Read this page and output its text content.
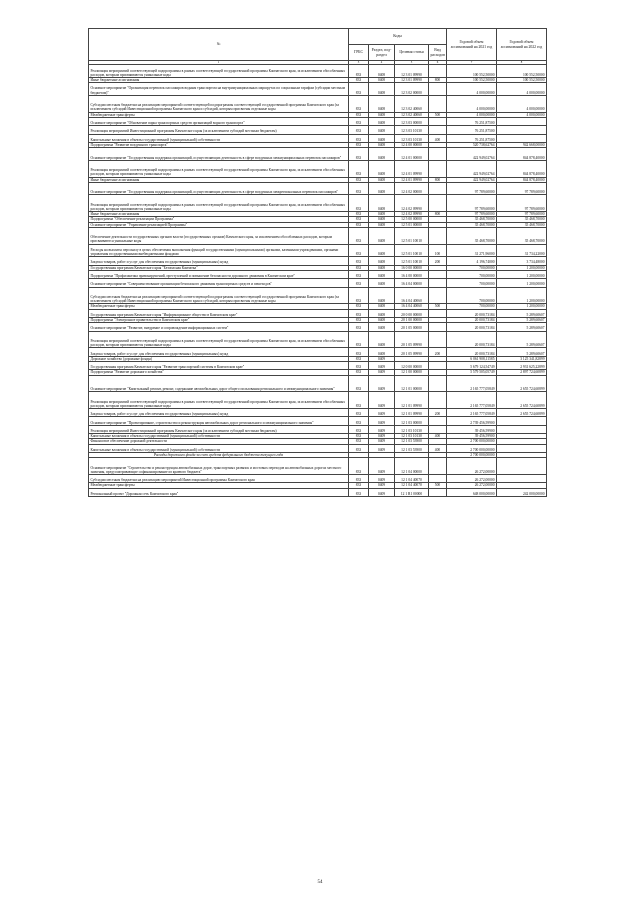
№	Коды				Годовой объем ассигнований на 2021 год	Годовой объем ассигнований на 2022 год
	ГРБС	Раздел, под-раздел	Целевая статья	Вид расходов		
1	3	4	5	6	7	8
Реализация мероприятий соответствующей подпрограммы в рамках соответствующей государственной программы Камчатского края, за исключением обособленных расходов, которым присваиваются уникальные коды	833	0408	12 3 01 09990		100 552,50000	100 552,50000
Иные бюджетные ассигнования	833	0408	12 3 01 09990	800	100 552,50000	100 552,50000
Основное мероприятие "Организация перевозок пассажиров водным транспортом на внутримуниципальных маршрутах по социальным тарифам (субсидии местным бюджетам)"	833	0408	12 3 02 00000		4 000,00000	4 000,00000
Субсидии местным бюджетам на реализацию мероприятий соответствующей подпрограммы соответствующей государственной программы Камчатского края (за исключением субсидий Инвестиционной программы Камчатского края и субсидий, которым присвоены отдельные коды	833	0408	12 3 02 40060		4 000,00000	4 000,00000
Межбюджетные трансферты	833	0408	12 3 02 40060	500	4 000,00000	4 000,00000
Основное мероприятие "Обновление парка транспортных средств организаций водного транспорта"	833	0408	12 3 03 00000		76 251,87500	
Реализация мероприятий Инвестиционной программы Камчатского края (за исключением субсидий местным бюджетам)	833	0408	12 3 03 10130		76 251,87500	
Капитальные вложения в объекты государственной (муниципальной) собственности	833	0408	12 3 03 10130	400	76 251,87500	
Подпрограмма "Развитие воздушного транспорта"	833	0408	12 4 00 00000		520 738,62764	942 668,00000
Основное мероприятие "Государственная поддержка организаций, осуществляющих деятельность в сфере воздушных межмуниципальных перевозок пассажиров"	833	0408	12 4 01 00000		422 949,02764	844 878,40000
Реализация мероприятий соответствующей подпрограммы в рамках соответствующей государственной программы Камчатского края, за исключением обособленных расходов, которым присваиваются уникальные коды	833	0408	12 4 01 09990		422 949,02764	844 878,40000
Иные бюджетные ассигнования	833	0408	12 4 01 09990	800	422 949,02764	844 878,40000
Основное мероприятие "Государственная поддержка организаций, осуществляющих деятельность в сфере воздушных межрегиональных перевозок пассажиров"	833	0408	12 4 02 00000		97 789,60000	97 789,60000
Реализация мероприятий соответствующей подпрограммы в рамках соответствующей государственной программы Камчатского края, за исключением обособленных расходов, которым присваиваются уникальные коды	833	0408	12 4 02 09990		97 789,60000	97 789,60000
Иные бюджетные ассигнования	833	0408	12 4 02 09990	800	97 789,60000	97 789,60000
Подпрограмма "Обеспечение реализации Программы"	833	0408	12 5 00 00000		35 468,70000	35 468,70000
Основное мероприятие "Управление реализацией Программы"	833	0408	12 5 01 00000		35 468,70000	35 468,70000
Обеспечение деятельности государственных органов власти (государственных органов) Камчатского края, за исключением обособленных расходов, которым присваиваются уникальные коды	833	0408	12 5 01 10010		35 468,70000	35 468,70000
Расходы на выплаты персоналу в целях обеспечения выполнения функций государственными (муниципальными) органами, казенными учреждениями, органами управления государственными внебюджетными фондами	833	0408	12 5 01 10010	100	31 271,96000	31 734,22000
Закупка товаров, работ и услуг для обеспечения государственных (муниципальных) нужд	833	0408	12 5 01 10010	200	4 196,74000	3 734,48000
Государственная программа Камчатского края "Безопасная Камчатка"	833	0408	16 0 00 00000		700,00000	1 200,00000
Подпрограмма "Профилактика правонарушений, преступлений и повышение безопасности дорожного движения в Камчатском крае"	833	0408	16 4 00 00000		700,00000	1 200,00000
Основное мероприятие "Совершенствование организации безопасного движения транспортных средств и пешеходов"	833	0408	16 4 04 00000		700,00000	1 200,00000
Субсидии местным бюджетам на реализацию мероприятий соответствующей подпрограммы соответствующей государственной программы Камчатского края (за исключением субсидий Инвестиционной программы Камчатского края и субсидий, которым присвоены отдельные коды	833	0408	16 4 04 40060		700,00000	1 200,00000
Межбюджетные трансферты	833	0408	16 4 04 40060	500	700,00000	1 200,00000
Государственная программа Камчатского края "Информационное общество в Камчатском крае"	833	0408	20 0 00 00000		20 000,73184	5 289,60607
Подпрограмма "Электронное правительство в Камчатском крае"	833	0408	20 1 00 00000		20 000,73184	5 289,60607
Основное мероприятие "Развитие, внедрение и сопровождение информационных систем"	833	0408	20 1 05 00000		20 000,73184	5 289,60607
Реализация мероприятий соответствующей подпрограммы в рамках соответствующей государственной программы Камчатского края, за исключением обособленных расходов, которым присваиваются уникальные коды	833	0408	20 1 05 09990		20 000,73184	5 289,60607
Закупка товаров, работ и услуг для обеспечения государственных (муниципальных) нужд	833	0408	20 1 05 09990	200	20 000,73184	5 289,60607
Дорожное хозяйство (дорожные фонды)	833	0409			6 061 908,11585	3 125 341,82899
Государственная программа Камчатского края "Развитие транспортной системы в Камчатском крае"	833	0409	12 0 00 00000		5 679 124,54749	2 931 625,22899
Подпрограмма "Развитие дорожного хозяйства"	833	0409	12 1 00 00000		5 579 505,05749	2 897 724,60899
Основное мероприятие "Капитальный ремонт, ремонт, содержание автомобильных дорог общего пользования регионального и межмуниципального значения"	833	0409	12 1 01 00000		2 165 777,05849	2 655 724,60899
Реализация мероприятий соответствующей подпрограммы в рамках соответствующей государственной программы Камчатского края, за исключением обособленных расходов, которым присваиваются уникальные коды	833	0409	12 1 01 09990		2 165 777,05849	2 655 724,60899
Закупка товаров, работ и услуг для обеспечения государственных (муниципальных) нужд	833	0409	12 1 01 09990	200	2 165 777,05849	2 655 724,60899
Основное мероприятие "Проектирование, строительство и реконструкция автомобильных дорог регионального и межмуниципального значения"	833	0409	12 1 03 00000		2 739 456,59900	
Реализация мероприятий Инвестиционной программы Камчатского края (за исключением субсидий местным бюджетам)	833	0409	12 1 03 10130		39 456,59900	
Капитальные вложения в объекты государственной (муниципальной) собственности	833	0409	12 1 03 10130	400	39 456,59900	
Финансовое обеспечение дорожной деятельности	833	0409	12 1 03 53900		2 700 000,00000	
Капитальные вложения в объекты государственной (муниципальной) собственности	833	0409	12 1 03 53900	400	2 700 000,00000	
Расходы дорожного фонда за счет средств федерального бюджета текущего года					2 700 000,00000	
Основное мероприятие "Строительство и реконструкция автомобильных дорог, транспортных развязок и мостовых переходов на автомобильных дорогах местного значения, предусматривающие софинансирование из краевого бюджета"	833	0409	12 1 04 00000		26 272,00000	
Субсидии местным бюджетам на реализацию мероприятий Инвестиционной программы Камчатского края	833	0409	12 1 04 40070		26 272,00000	
Межбюджетные трансферты	833	0409	12 1 04 40070	500	26 272,00000	
Региональный проект "Дорожная сеть Камчатского края"	833	0409	12 1 R1 00000		648 000,00000	242 000,00000
54
